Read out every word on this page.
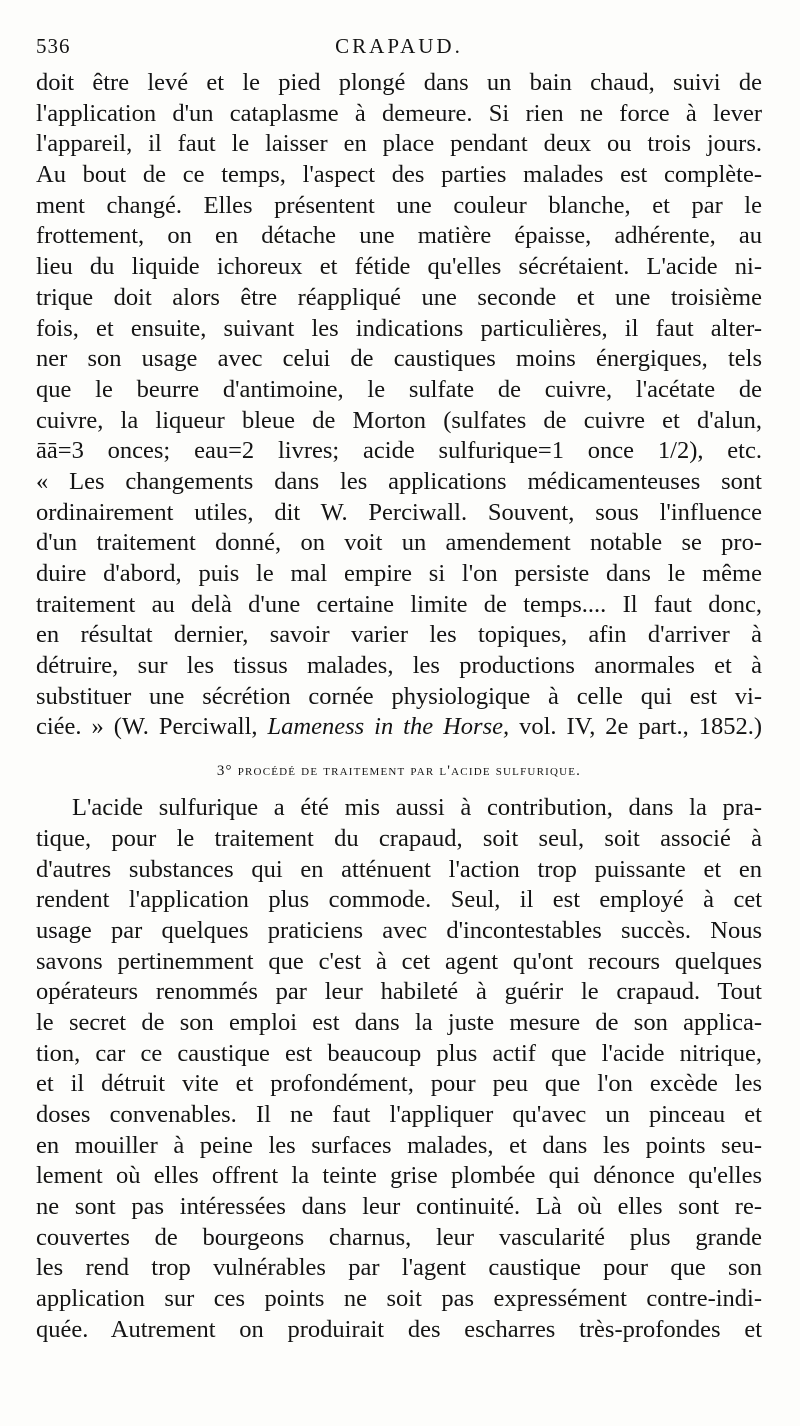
536	CRAPAUD.
doit être levé et le pied plongé dans un bain chaud, suivi de
l'application d'un cataplasme à demeure. Si rien ne force à lever
l'appareil, il faut le laisser en place pendant deux ou trois jours.
Au bout de ce temps, l'aspect des parties malades est complète-
ment changé. Elles présentent une couleur blanche, et par le
frottement, on en détache une matière épaisse, adhérente, au
lieu du liquide ichoreux et fétide qu'elles sécrétaient. L'acide ni-
trique doit alors être réappliqué une seconde et une troisième
fois, et ensuite, suivant les indications particulières, il faut alter-
ner son usage avec celui de caustiques moins énergiques, tels
que le beurre d'antimoine, le sulfate de cuivre, l'acétate de
cuivre, la liqueur bleue de Morton (sulfates de cuivre et d'alun,
āā=3 onces; eau=2 livres; acide sulfurique=1 once 1/2), etc.
« Les changements dans les applications médicamenteuses sont
ordinairement utiles, dit W. Perciwall. Souvent, sous l'influence
d'un traitement donné, on voit un amendement notable se pro-
duire d'abord, puis le mal empire si l'on persiste dans le même
traitement au delà d'une certaine limite de temps.... Il faut donc,
en résultat dernier, savoir varier les topiques, afin d'arriver à
détruire, sur les tissus malades, les productions anormales et à
substituer une sécrétion cornée physiologique à celle qui est vi-
ciée. » (W. Perciwall, Lameness in the Horse, vol. IV, 2e part., 1852.)
3° procédé de traitement par l'acide sulfurique.
L'acide sulfurique a été mis aussi à contribution, dans la pra-
tique, pour le traitement du crapaud, soit seul, soit associé à
d'autres substances qui en atténuent l'action trop puissante et en
rendent l'application plus commode. Seul, il est employé à cet
usage par quelques praticiens avec d'incontestables succès. Nous
savons pertinemment que c'est à cet agent qu'ont recours quelques
opérateurs renommés par leur habileté à guérir le crapaud. Tout
le secret de son emploi est dans la juste mesure de son applica-
tion, car ce caustique est beaucoup plus actif que l'acide nitrique,
et il détruit vite et profondément, pour peu que l'on excède les
doses convenables. Il ne faut l'appliquer qu'avec un pinceau et
en mouiller à peine les surfaces malades, et dans les points seu-
lement où elles offrent la teinte grise plombée qui dénonce qu'elles
ne sont pas intéressées dans leur continuité. Là où elles sont re-
couvertes de bourgeons charnus, leur vascularité plus grande
les rend trop vulnérables par l'agent caustique pour que son
application sur ces points ne soit pas expressément contre-indi-
quée. Autrement on produirait des escharres très-profondes et
